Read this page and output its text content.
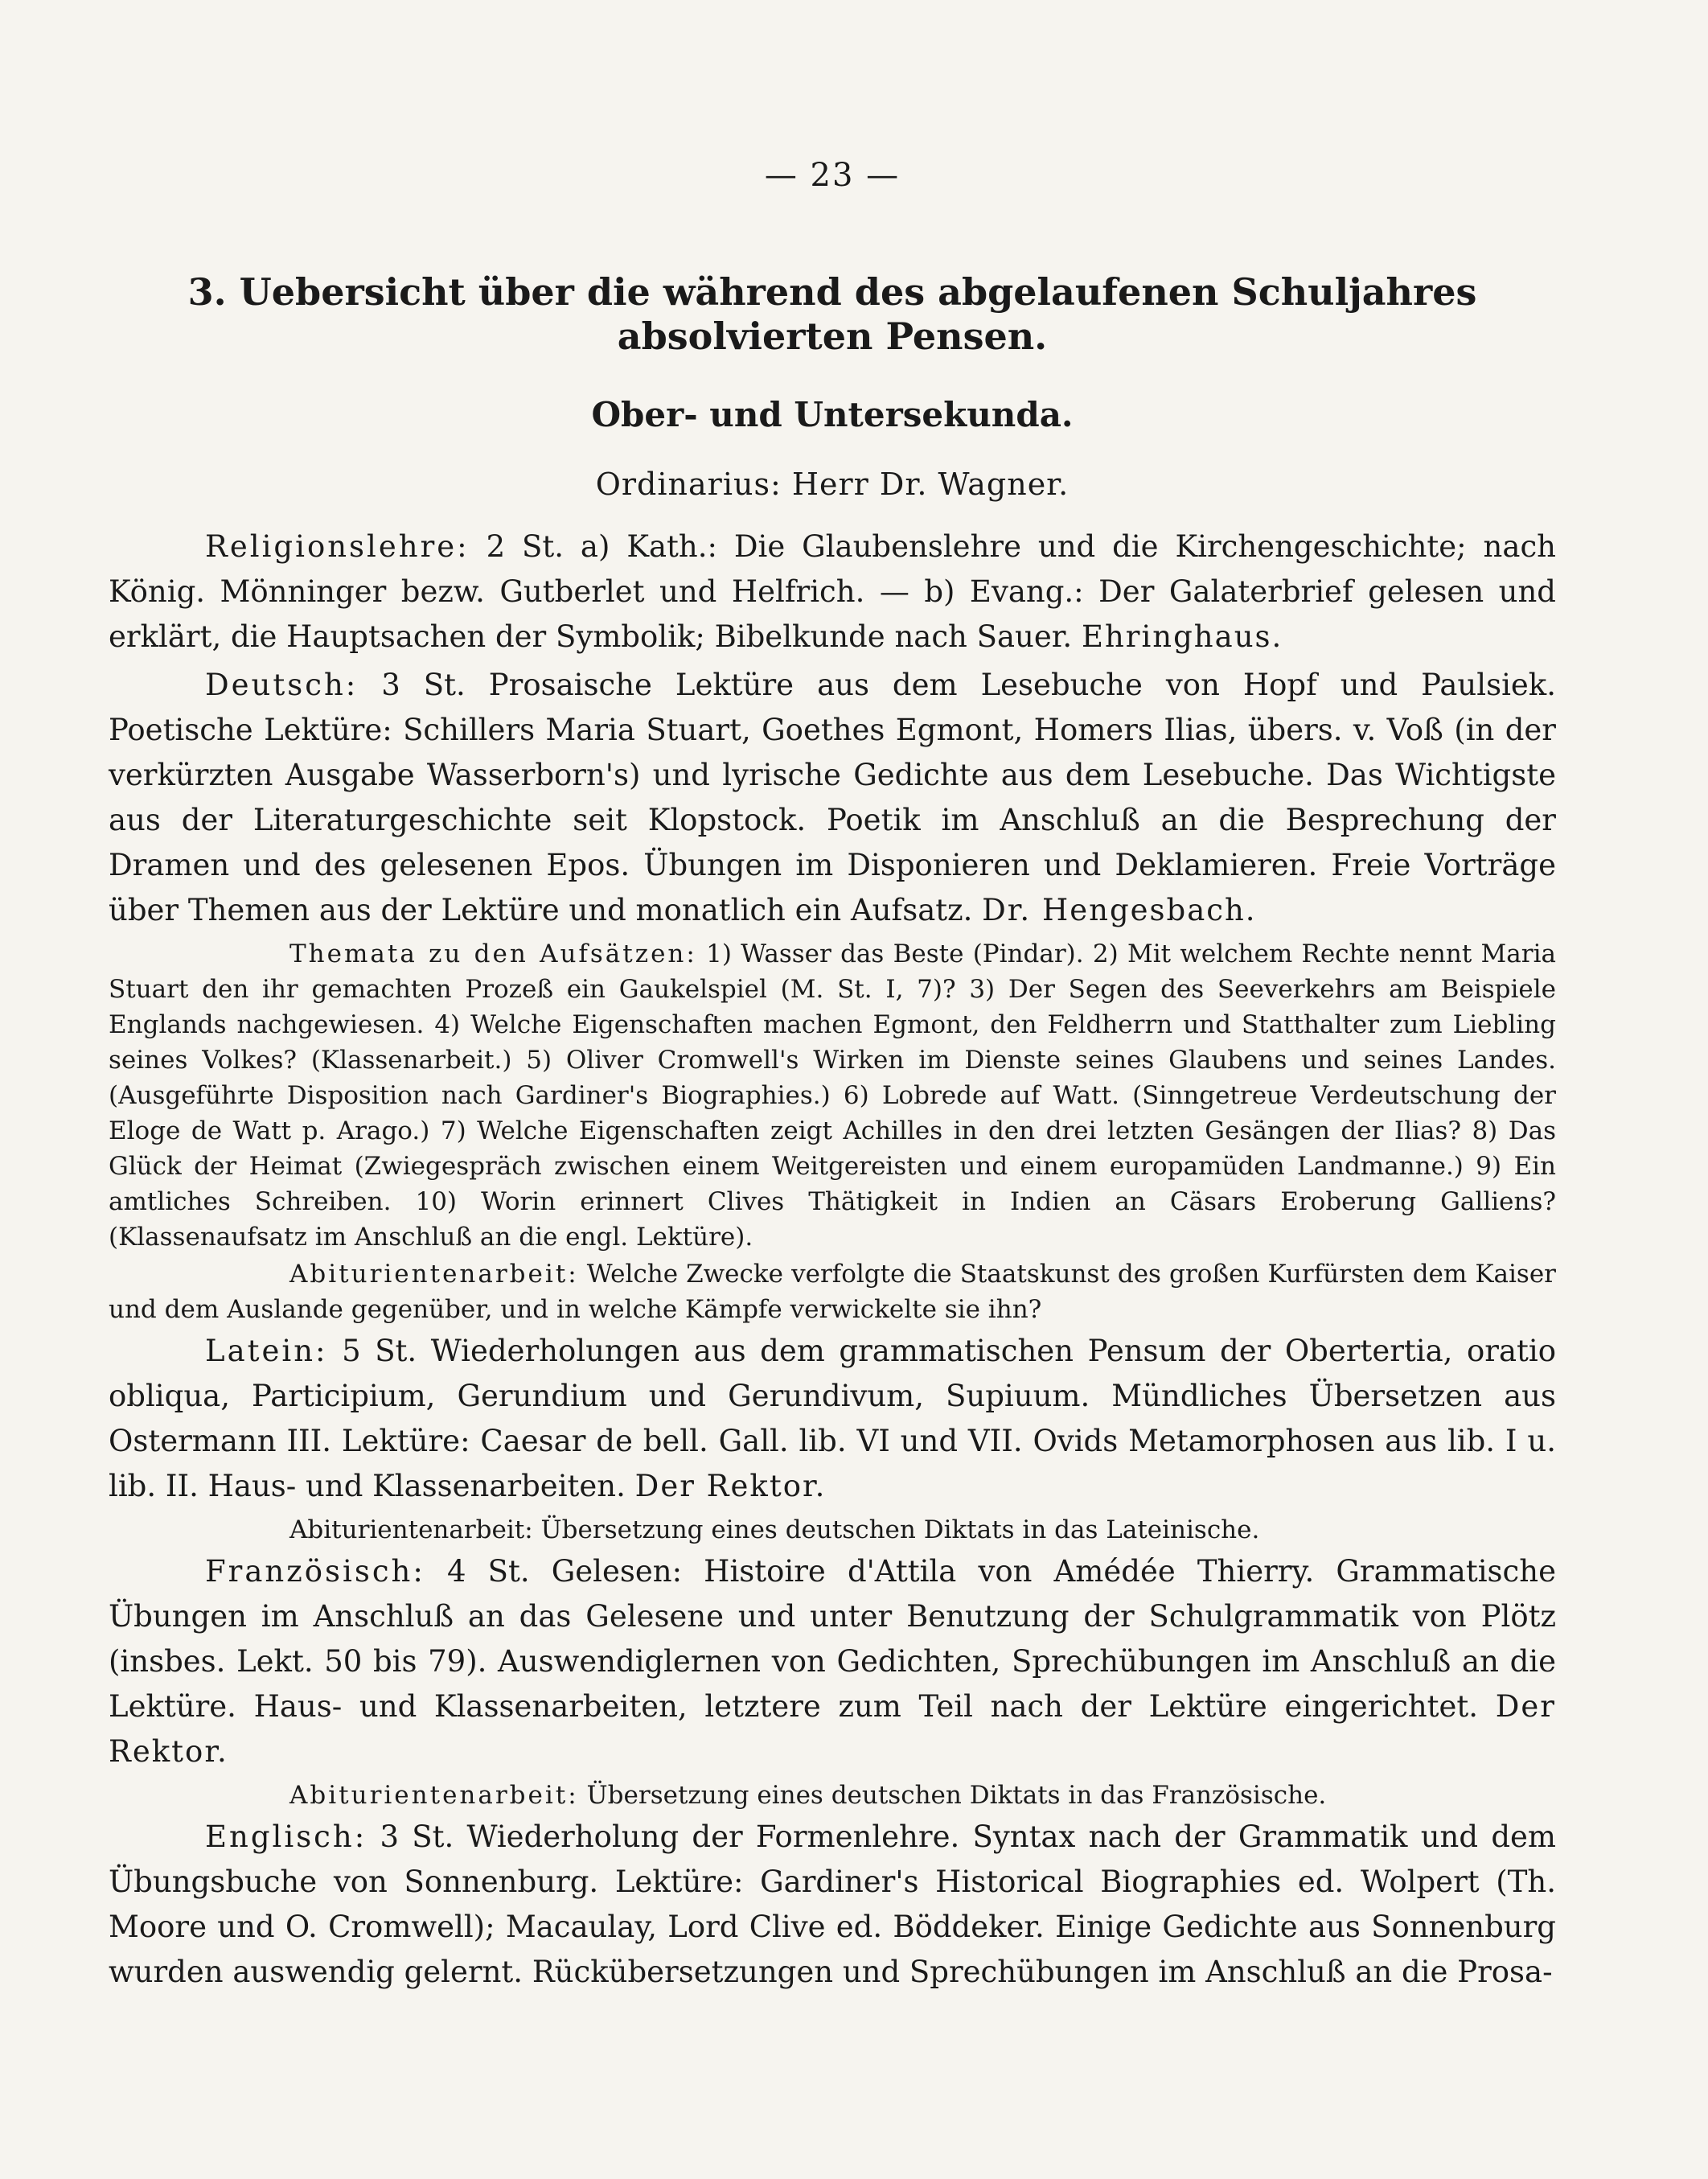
— 23 —
3. Uebersicht über die während des abgelaufenen Schuljahres absolvierten Pensen.
Ober- und Untersekunda.
Ordinarius: Herr Dr. Wagner.

Religionslehre: 2 St. a) Kath.: Die Glaubenslehre und die Kirchengeschichte; nach König. Mönninger bezw. Gutberlet und Helfrich. — b) Evang.: Der Galaterbrief gelesen und erklärt, die Hauptsachen der Symbolik; Bibelkunde nach Sauer. Ehringhaus.

Deutsch: 3 St. Prosaische Lektüre aus dem Lesebuche von Hopf und Paulsiek. Poetische Lektüre: Schillers Maria Stuart, Goethes Egmont, Homers Ilias, übers. v. Voß (in der verkürzten Ausgabe Wasserborn's) und lyrische Gedichte aus dem Lesebuche. Das Wichtigste aus der Literaturgeschichte seit Klopstock. Poetik im Anschluß an die Besprechung der Dramen und des gelesenen Epos. Übungen im Disponieren und Deklamieren. Freie Vorträge über Themen aus der Lektüre und monatlich ein Aufsatz. Dr. Hengesbach.

Themata zu den Aufsätzen: 1) Wasser das Beste (Pindar). 2) Mit welchem Rechte nennt Maria Stuart den ihr gemachten Prozeß ein Gaukelspiel (M. St. I, 7)? 3) Der Segen des Seeverkehrs am Beispiele Englands nachgewiesen. 4) Welche Eigenschaften machen Egmont, den Feldherrn und Statthalter zum Liebling seines Volkes? (Klassenarbeit.) 5) Oliver Cromwell's Wirken im Dienste seines Glaubens und seines Landes. (Ausgeführte Disposition nach Gardiner's Biographies.) 6) Lobrede auf Watt. (Sinngetreue Verdeutschung der Eloge de Watt p. Arago.) 7) Welche Eigenschaften zeigt Achilles in den drei letzten Gesängen der Ilias? 8) Das Glück der Heimat (Zwiegespräch zwischen einem Weitgereisten und einem europamüden Landmanne.) 9) Ein amtliches Schreiben. 10) Worin erinnert Clives Thätigkeit in Indien an Cäsars Eroberung Galliens? (Klassenaufsatz im Anschluß an die engl. Lektüre).

Abiturientenarbeit: Welche Zwecke verfolgte die Staatskunst des großen Kurfürsten dem Kaiser und dem Auslande gegenüber, und in welche Kämpfe verwickelte sie ihn?

Latein: 5 St. Wiederholungen aus dem grammatischen Pensum der Obertertia, oratio obliqua, Participium, Gerundium und Gerundivum, Supiuum. Mündliches Übersetzen aus Ostermann III. Lektüre: Caesar de bell. Gall. lib. VI und VII. Ovids Metamorphosen aus lib. I u. lib. II. Haus- und Klassenarbeiten. Der Rektor.

Abiturientenarbeit: Übersetzung eines deutschen Diktats in das Lateinische.

Französisch: 4 St. Gelesen: Histoire d'Attila von Amédée Thierry. Grammatische Übungen im Anschluß an das Gelesene und unter Benutzung der Schulgrammatik von Plötz (insbes. Lekt. 50 bis 79). Auswendiglernen von Gedichten, Sprechübungen im Anschluß an die Lektüre. Haus- und Klassenarbeiten, letztere zum Teil nach der Lektüre eingerichtet. Der Rektor.

Abiturientenarbeit: Übersetzung eines deutschen Diktats in das Französische.

Englisch: 3 St. Wiederholung der Formenlehre. Syntax nach der Grammatik und dem Übungsbuche von Sonnenburg. Lektüre: Gardiner's Historical Biographies ed. Wolpert (Th. Moore und O. Cromwell); Macaulay, Lord Clive ed. Böddeker. Einige Gedichte aus Sonnenburg wurden auswendig gelernt. Rückübersetzungen und Sprechübungen im Anschluß an die Prosa-
